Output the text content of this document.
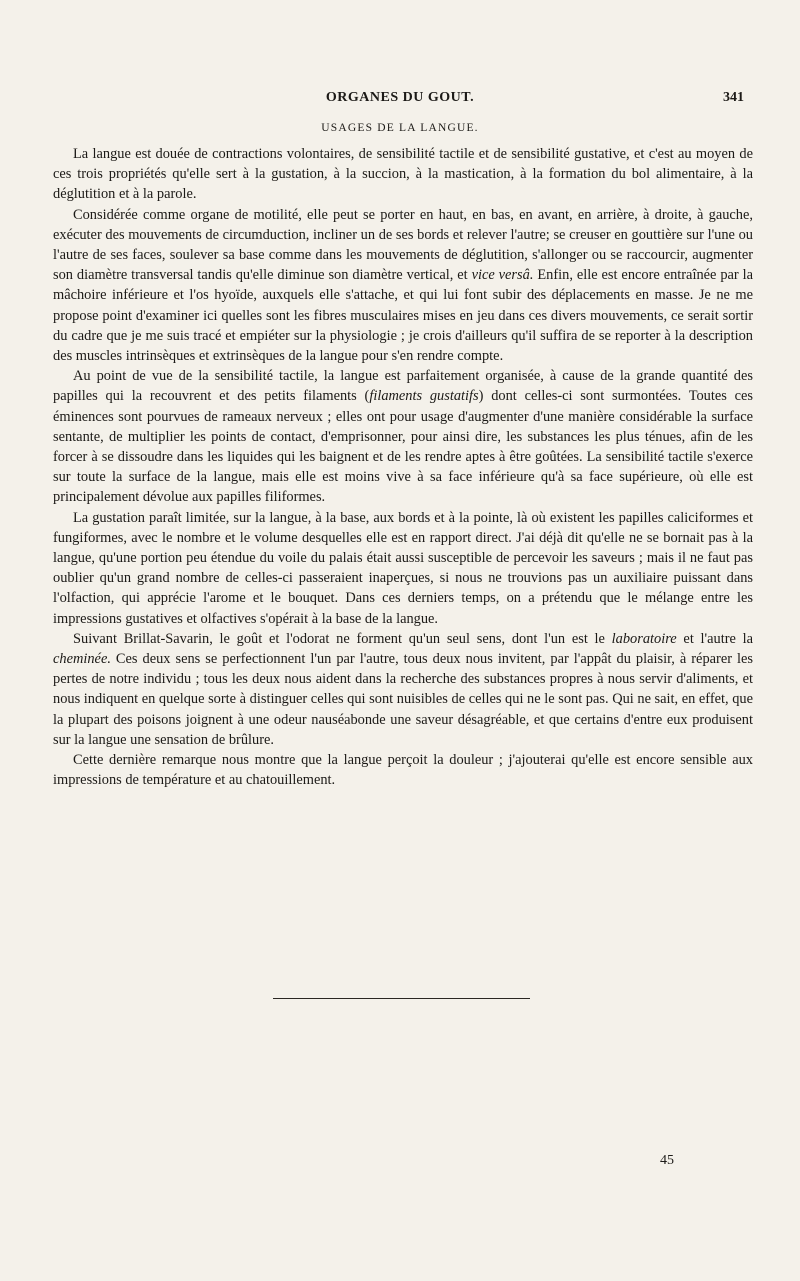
ORGANES DU GOUT.	341
USAGES DE LA LANGUE.

La langue est douée de contractions volontaires, de sensibilité tactile et de sensibilité gustative, et c'est au moyen de ces trois propriétés qu'elle sert à la gustation, à la succion, à la mastication, à la formation du bol alimentaire, à la déglutition et à la parole.

Considérée comme organe de motilité, elle peut se porter en haut, en bas, en avant, en arrière, à droite, à gauche, exécuter des mouvements de circumduction, incliner un de ses bords et relever l'autre; se creuser en gouttière sur l'une ou l'autre de ses faces, soulever sa base comme dans les mouvements de déglutition, s'allonger ou se raccourcir, augmenter son diamètre transversal tandis qu'elle diminue son diamètre vertical, et vice versâ. Enfin, elle est encore entraînée par la mâchoire inférieure et l'os hyoïde, auxquels elle s'attache, et qui lui font subir des déplacements en masse. Je ne me propose point d'examiner ici quelles sont les fibres musculaires mises en jeu dans ces divers mouvements, ce serait sortir du cadre que je me suis tracé et empiéter sur la physiologie ; je crois d'ailleurs qu'il suffira de se reporter à la description des muscles intrinsèques et extrinsèques de la langue pour s'en rendre compte.

Au point de vue de la sensibilité tactile, la langue est parfaitement organisée, à cause de la grande quantité des papilles qui la recouvrent et des petits filaments (filaments gustatifs) dont celles-ci sont surmontées. Toutes ces éminences sont pourvues de rameaux nerveux ; elles ont pour usage d'augmenter d'une manière considérable la surface sentante, de multiplier les points de contact, d'emprisonner, pour ainsi dire, les substances les plus ténues, afin de les forcer à se dissoudre dans les liquides qui les baignent et de les rendre aptes à être goûtées. La sensibilité tactile s'exerce sur toute la surface de la langue, mais elle est moins vive à sa face inférieure qu'à sa face supérieure, où elle est principalement dévolue aux papilles filiformes.

La gustation paraît limitée, sur la langue, à la base, aux bords et à la pointe, là où existent les papilles caliciformes et fungiformes, avec le nombre et le volume desquelles elle est en rapport direct. J'ai déjà dit qu'elle ne se bornait pas à la langue, qu'une portion peu étendue du voile du palais était aussi susceptible de percevoir les saveurs ; mais il ne faut pas oublier qu'un grand nombre de celles-ci passeraient inaperçues, si nous ne trouvions pas un auxiliaire puissant dans l'olfaction, qui apprécie l'arome et le bouquet. Dans ces derniers temps, on a prétendu que le mélange entre les impressions gustatives et olfactives s'opérait à la base de la langue.

Suivant Brillat-Savarin, le goût et l'odorat ne forment qu'un seul sens, dont l'un est le laboratoire et l'autre la cheminée. Ces deux sens se perfectionnent l'un par l'autre, tous deux nous invitent, par l'appât du plaisir, à réparer les pertes de notre individu ; tous les deux nous aident dans la recherche des substances propres à nous servir d'aliments, et nous indiquent en quelque sorte à distinguer celles qui sont nuisibles de celles qui ne le sont pas. Qui ne sait, en effet, que la plupart des poisons joignent à une odeur nauséabonde une saveur désagréable, et que certains d'entre eux produisent sur la langue une sensation de brûlure.

Cette dernière remarque nous montre que la langue perçoit la douleur ; j'ajouterai qu'elle est encore sensible aux impressions de température et au chatouillement.

45
